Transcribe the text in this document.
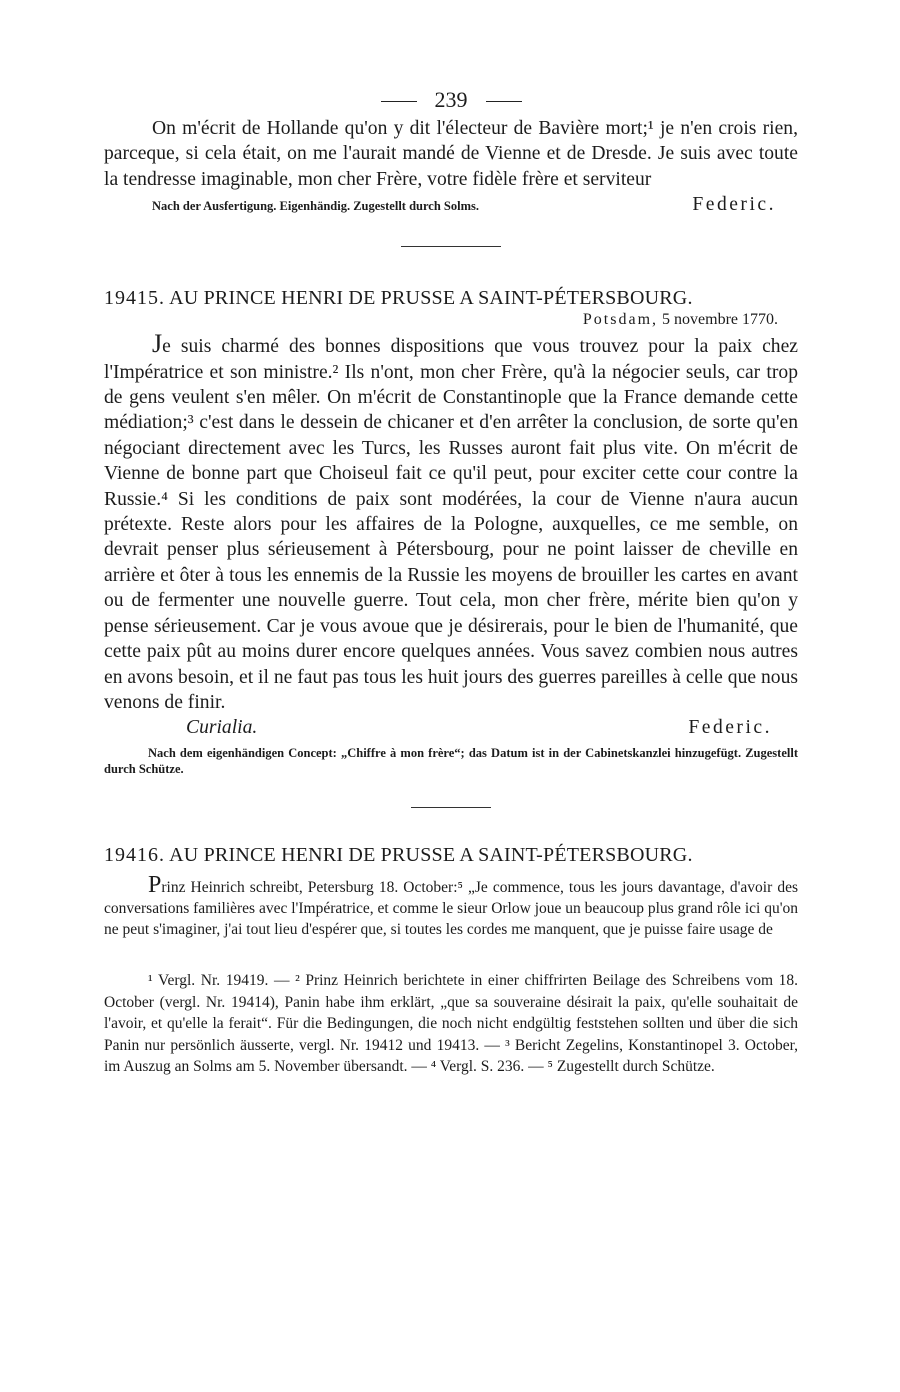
239

On m'écrit de Hollande qu'on y dit l'électeur de Bavière mort;¹ je n'en crois rien, parceque, si cela était, on me l'aurait mandé de Vienne et de Dresde. Je suis avec toute la tendresse imaginable, mon cher Frère, votre fidèle frère et serviteur

Nach der Ausfertigung. Eigenhändig. Zugestellt durch Solms.	Federic.
19415. AU PRINCE HENRI DE PRUSSE A SAINT-PÉTERSBOURG.
Potsdam, 5 novembre 1770.

Je suis charmé des bonnes dispositions que vous trouvez pour la paix chez l'Impératrice et son ministre.² Ils n'ont, mon cher Frère, qu'à la négocier seuls, car trop de gens veulent s'en mêler. On m'écrit de Constantinople que la France demande cette médiation;³ c'est dans le dessein de chicaner et d'en arrêter la conclusion, de sorte qu'en négociant directement avec les Turcs, les Russes auront fait plus vite. On m'écrit de Vienne de bonne part que Choiseul fait ce qu'il peut, pour exciter cette cour contre la Russie.⁴ Si les conditions de paix sont modérées, la cour de Vienne n'aura aucun prétexte. Reste alors pour les affaires de la Pologne, auxquelles, ce me semble, on devrait penser plus sérieusement à Pétersbourg, pour ne point laisser de cheville en arrière et ôter à tous les ennemis de la Russie les moyens de brouiller les cartes en avant ou de fermenter une nouvelle guerre. Tout cela, mon cher frère, mérite bien qu'on y pense sérieusement. Car je vous avoue que je désirerais, pour le bien de l'humanité, que cette paix pût au moins durer encore quelques années. Vous savez combien nous autres en avons besoin, et il ne faut pas tous les huit jours des guerres pareilles à celle que nous venons de finir.

Curialia.	Federic.
Nach dem eigenhändigen Concept: „Chiffre à mon frère“; das Datum ist in der Cabinetskanzlei hinzugefügt. Zugestellt durch Schütze.
19416. AU PRINCE HENRI DE PRUSSE A SAINT-PÉTERSBOURG.

Prinz Heinrich schreibt, Petersburg 18. October:⁵ „Je commence, tous les jours davantage, d'avoir des conversations familières avec l'Impératrice, et comme le sieur Orlow joue un beaucoup plus grand rôle ici qu'on ne peut s'imaginer, j'ai tout lieu d'espérer que, si toutes les cordes me manquent, que je puisse faire usage de

¹ Vergl. Nr. 19419. — ² Prinz Heinrich berichtete in einer chiffrirten Beilage des Schreibens vom 18. October (vergl. Nr. 19414), Panin habe ihm erklärt, „que sa souveraine désirait la paix, qu'elle souhaitait de l'avoir, et qu'elle la ferait“. Für die Bedingungen, die noch nicht endgültig feststehen sollten und über die sich Panin nur persönlich äusserte, vergl. Nr. 19412 und 19413. — ³ Bericht Zegelins, Konstantinopel 3. October, im Auszug an Solms am 5. November übersandt. — ⁴ Vergl. S. 236. — ⁵ Zugestellt durch Schütze.
